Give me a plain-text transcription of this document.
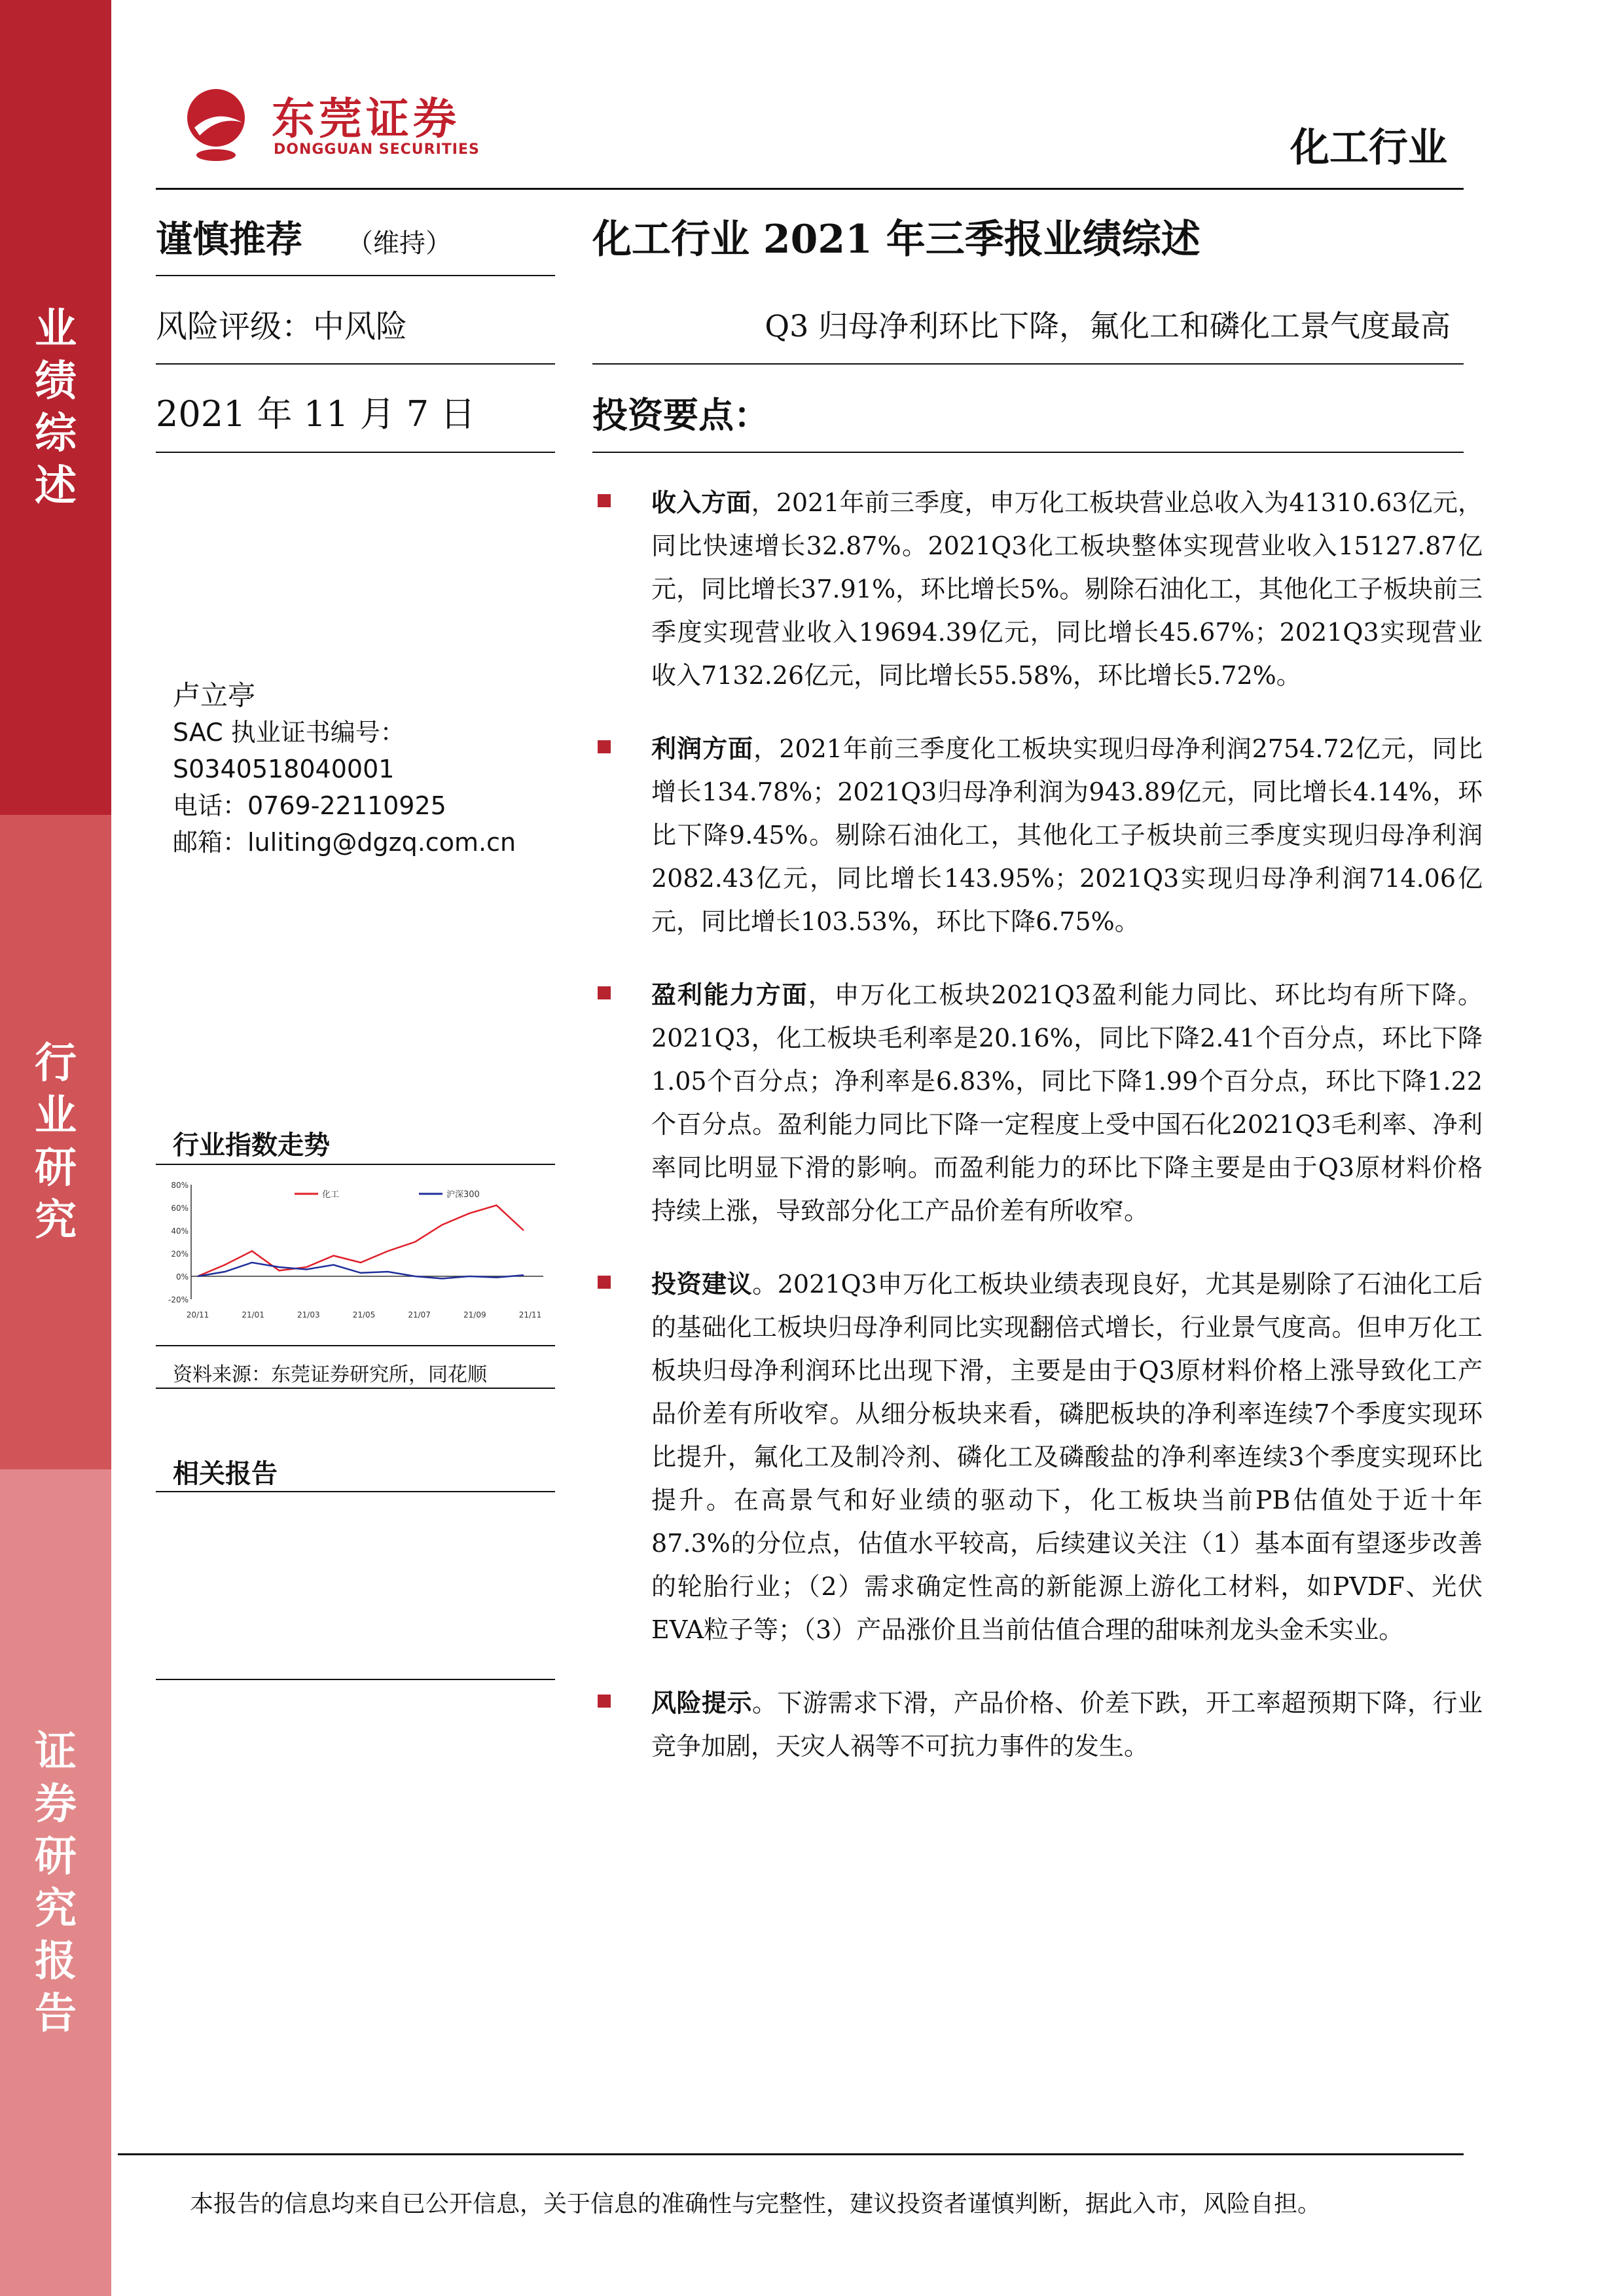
业绩综述
行业研究
证券研究报告
东莞证券
DONGGUAN SECURITIES	化工行业
谨慎推荐 （维持）	化工行业 2021 年三季报业绩综述
风险评级：中风险	Q3 归母净利环比下降，氟化工和磷化工景气度最高
2021 年 11 月 7 日	投资要点：
卢立亭
SAC 执业证书编号：
S0340518040001
电话：0769-22110925
邮箱：luliting@dgzq.com.cn
行业指数走势
80%
60%
40%
20%
0%
-20%
20/11	21/01	21/03	21/05	21/07	21/09	21/11
化工	沪深300
资料来源：东莞证券研究所，同花顺
相关报告
收入方面，2021年前三季度，申万化工板块营业总收入为41310.63亿元，同比快速增长32.87%。2021Q3化工板块整体实现营业收入15127.87亿元，同比增长37.91%，环比增长5%。剔除石油化工，其他化工子板块前三季度实现营业收入19694.39亿元，同比增长45.67%；2021Q3实现营业收入7132.26亿元，同比增长55.58%，环比增长5.72%。
利润方面，2021年前三季度化工板块实现归母净利润2754.72亿元，同比增长134.78%；2021Q3归母净利润为943.89亿元，同比增长4.14%，环比下降9.45%。剔除石油化工，其他化工子板块前三季度实现归母净利润2082.43亿元，同比增长143.95%；2021Q3实现归母净利润714.06亿元，同比增长103.53%，环比下降6.75%。
盈利能力方面，申万化工板块2021Q3盈利能力同比、环比均有所下降。2021Q3，化工板块毛利率是20.16%，同比下降2.41个百分点，环比下降1.05个百分点；净利率是6.83%，同比下降1.99个百分点，环比下降1.22个百分点。盈利能力同比下降一定程度上受中国石化2021Q3毛利率、净利率同比明显下滑的影响。而盈利能力的环比下降主要是由于Q3原材料价格持续上涨，导致部分化工产品价差有所收窄。
投资建议。2021Q3申万化工板块业绩表现良好，尤其是剔除了石油化工后的基础化工板块归母净利同比实现翻倍式增长，行业景气度高。但申万化工板块归母净利润环比出现下滑，主要是由于Q3原材料价格上涨导致化工产品价差有所收窄。从细分板块来看，磷肥板块的净利率连续7个季度实现环比提升，氟化工及制冷剂、磷化工及磷酸盐的净利率连续3个季度实现环比提升。在高景气和好业绩的驱动下，化工板块当前PB估值处于近十年87.3%的分位点，估值水平较高，后续建议关注（1）基本面有望逐步改善的轮胎行业；（2）需求确定性高的新能源上游化工材料，如PVDF、光伏EVA粒子等；（3）产品涨价且当前估值合理的甜味剂龙头金禾实业。
风险提示。下游需求下滑，产品价格、价差下跌，开工率超预期下降，行业竞争加剧，天灾人祸等不可抗力事件的发生。
本报告的信息均来自已公开信息，关于信息的准确性与完整性，建议投资者谨慎判断，据此入市，风险自担。
